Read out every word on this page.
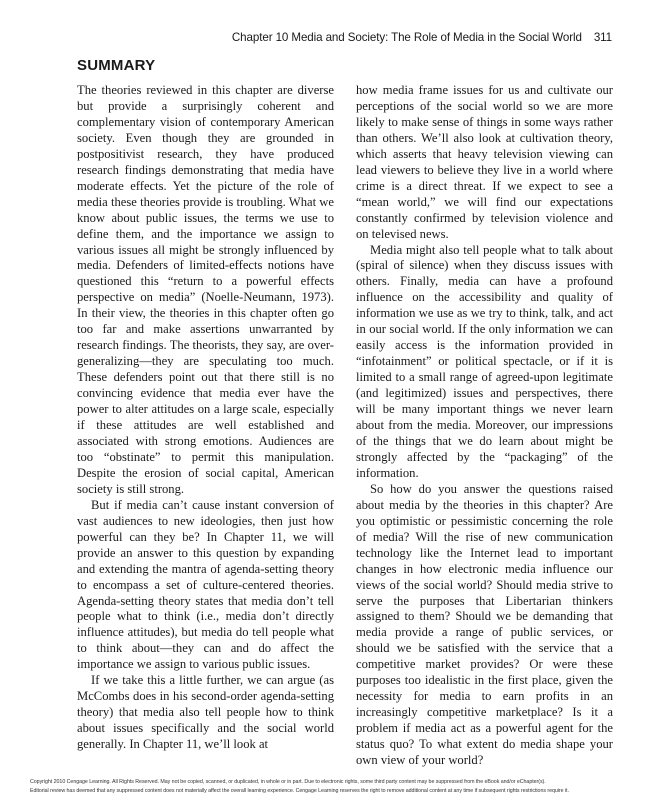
Chapter 10 Media and Society: The Role of Media in the Social World 311
SUMMARY

The theories reviewed in this chapter are diverse but provide a surprisingly coherent and complementary vision of contemporary American society. Even though they are grounded in postpositivist research, they have produced research findings demonstrating that media have moderate effects. Yet the picture of the role of media these theories provide is troubling. What we know about public issues, the terms we use to define them, and the importance we assign to various issues all might be strongly influenced by media. Defenders of limited-effects notions have questioned this “return to a powerful effects perspective on media” (Noelle-Neumann, 1973). In their view, the theories in this chapter often go too far and make assertions unwarranted by research findings. The theorists, they say, are over-generalizing—they are speculating too much. These defenders point out that there still is no convincing evidence that media ever have the power to alter attitudes on a large scale, especially if these attitudes are well established and associated with strong emotions. Audiences are too “obstinate” to permit this manipulation. Despite the erosion of social capital, American society is still strong.

But if media can’t cause instant conversion of vast audiences to new ideologies, then just how powerful can they be? In Chapter 11, we will provide an answer to this question by expanding and extending the mantra of agenda-setting theory to encompass a set of culture-centered theories. Agenda-setting theory states that media don’t tell people what to think (i.e., media don’t directly influence attitudes), but media do tell people what to think about—they can and do affect the importance we assign to various public issues.

If we take this a little further, we can argue (as McCombs does in his second-order agenda-setting theory) that media also tell people how to think about issues specifically and the social world generally. In Chapter 11, we’ll look at

how media frame issues for us and cultivate our perceptions of the social world so we are more likely to make sense of things in some ways rather than others. We’ll also look at cultivation theory, which asserts that heavy television viewing can lead viewers to believe they live in a world where crime is a direct threat. If we expect to see a “mean world,” we will find our expectations constantly confirmed by television violence and on televised news.

Media might also tell people what to talk about (spiral of silence) when they discuss issues with others. Finally, media can have a profound influence on the accessibility and quality of information we use as we try to think, talk, and act in our social world. If the only information we can easily access is the information provided in “infotainment” or political spectacle, or if it is limited to a small range of agreed-upon legitimate (and legitimized) issues and perspectives, there will be many important things we never learn about from the media. Moreover, our impressions of the things that we do learn about might be strongly affected by the “packaging” of the information.

So how do you answer the questions raised about media by the theories in this chapter? Are you optimistic or pessimistic concerning the role of media? Will the rise of new communication technology like the Internet lead to important changes in how electronic media influence our views of the social world? Should media strive to serve the purposes that Libertarian thinkers assigned to them? Should we be demanding that media provide a range of public services, or should we be satisfied with the service that a competitive market provides? Or were these purposes too idealistic in the first place, given the necessity for media to earn profits in an increasingly competitive marketplace? Is it a problem if media act as a powerful agent for the status quo? To what extent do media shape your own view of your world?

Copyright 2010 Cengage Learning. All Rights Reserved. May not be copied, scanned, or duplicated, in whole or in part. Due to electronic rights, some third party content may be suppressed from the eBook and/or eChapter(s).
Editorial review has deemed that any suppressed content does not materially affect the overall learning experience. Cengage Learning reserves the right to remove additional content at any time if subsequent rights restrictions require it.
